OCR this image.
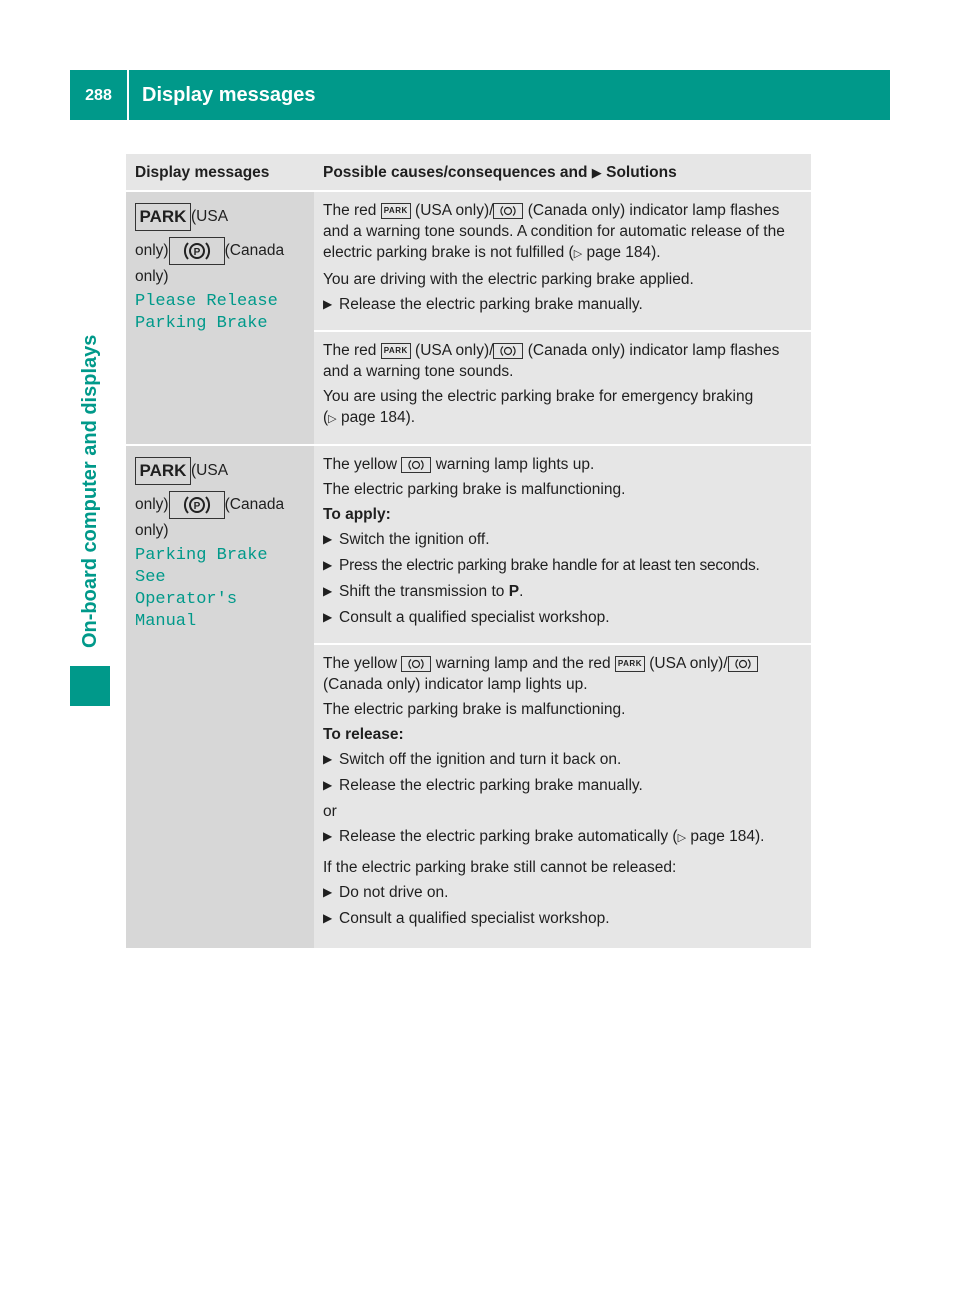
288	Display messages
On-board computer and displays
Display messages	Possible causes/consequences and
▶
Solutions
PARK (USA
only) P (Canada
only)
Please Release
Parking Brake

The red PARK (USA only)/ (Canada only) indicator lamp flashes and a warning tone sounds. A condition for automatic release of the electric parking brake is not fulfilled (▷ page 184).

You are driving with the electric parking brake applied.

▶ Release the electric parking brake manually.

The red PARK (USA only)/ (Canada only) indicator lamp flashes and a warning tone sounds.

You are using the electric parking brake for emergency braking (▷ page 184).

PARK (USA
only) P (Canada
only)
Parking Brake See
Operator's Manual

The yellow warning lamp lights up.

The electric parking brake is malfunctioning.

To apply:

▶ Switch the ignition off.
▶ Press the electric parking brake handle for at least ten seconds.
▶ Shift the transmission to P.
▶ Consult a qualified specialist workshop.

The yellow warning lamp and the red PARK (USA only)/
(Canada only) indicator lamp lights up.

The electric parking brake is malfunctioning.

To release:

▶ Switch off the ignition and turn it back on.
▶ Release the electric parking brake manually.

or

▶ Release the electric parking brake automatically (▷ page 184).

If the electric parking brake still cannot be released:

▶ Do not drive on.
▶ Consult a qualified specialist workshop.
